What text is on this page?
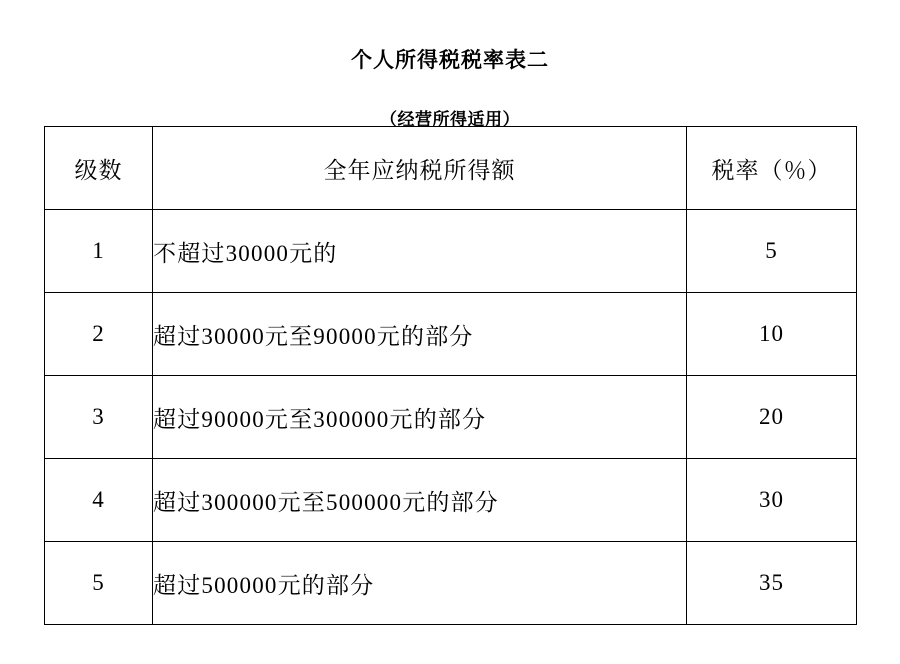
个人所得税税率表二
（经营所得适用）
级数	全年应纳税所得额	税率（％）
1	不超过30000元的	5
2	超过30000元至90000元的部分	10
3	超过90000元至300000元的部分	20
4	超过300000元至500000元的部分	30
5	超过500000元的部分	35
